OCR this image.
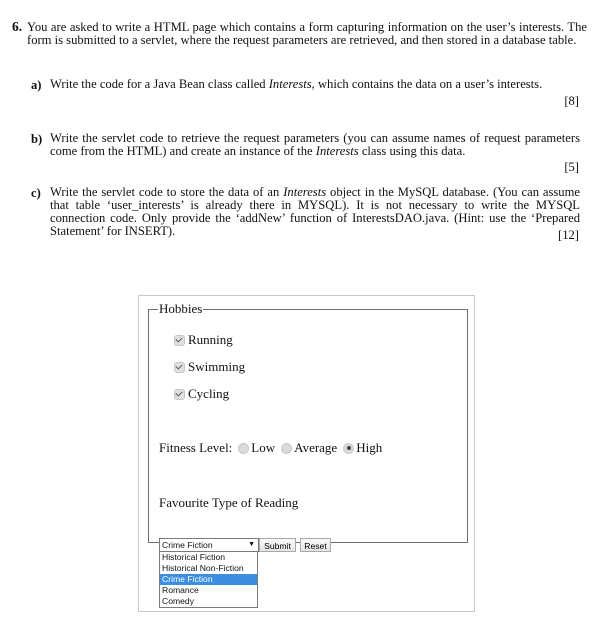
6. You are asked to write a HTML page which contains a form capturing information on the user’s interests. The form is submitted to a servlet, where the request parameters are retrieved, and then stored in a database table.
a) Write the code for a Java Bean class called Interests, which contains the data on a user’s interests.
[8]
b) Write the servlet code to retrieve the request parameters (you can assume names of request parameters come from the HTML) and create an instance of the Interests class using this data.
[5]
c) Write the servlet code to store the data of an Interests object in the MySQL database. (You can assume that table ‘user_interests’ is already there in MYSQL). It is not necessary to write the MYSQL connection code. Only provide the ‘addNew’ function of InterestsDAO.java. (Hint: use the ‘Prepared Statement’ for INSERT).	[12]
Hobbies
Running
Swimming
Cycling
Fitness Level: Low Average High
Favourite Type of Reading
Crime Fiction	▼
Historical Fiction
Historical Non-Fiction
Crime Fiction
Romance
Comedy
Submit	Reset
